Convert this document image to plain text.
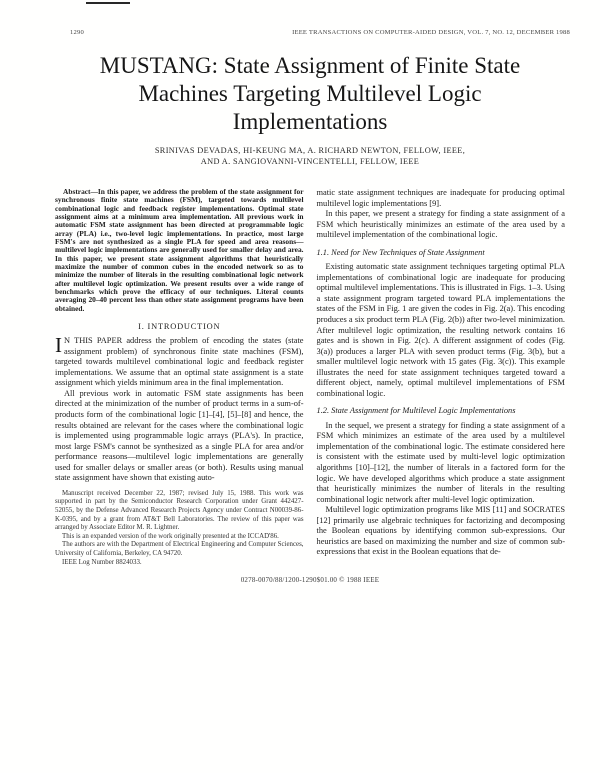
1290	IEEE TRANSACTIONS ON COMPUTER-AIDED DESIGN, VOL. 7, NO. 12, DECEMBER 1988
MUSTANG: State Assignment of Finite State
Machines Targeting Multilevel Logic
Implementations
SRINIVAS DEVADAS, HI-KEUNG MA, A. RICHARD NEWTON, FELLOW, IEEE,
AND A. SANGIOVANNI-VINCENTELLI, FELLOW, IEEE

Abstract—In this paper, we address the problem of the state assignment for synchronous finite state machines (FSM), targeted towards multilevel combinational logic and feedback register implementations. Optimal state assignment aims at a minimum area implementation. All previous work in automatic FSM state assignment has been directed at programmable logic array (PLA) i.e., two-level logic implementations. In practice, most large FSM's are not synthesized as a single PLA for speed and area reasons—multilevel logic implementations are generally used for smaller delay and area. In this paper, we present state assignment algorithms that heuristically maximize the number of common cubes in the encoded network so as to minimize the number of literals in the resulting combinational logic network after multilevel logic optimization. We present results over a wide range of benchmarks which prove the efficacy of our techniques. Literal counts averaging 20–40 percent less than other state assignment programs have been obtained.

I. INTRODUCTION

I N THIS PAPER address the problem of encoding the states (state assignment problem) of synchronous finite state machines (FSM), targeted towards multilevel combinational logic and feedback register implementations. We assume that an optimal state assignment is a state assignment which yields minimum area in the final implementation.

All previous work in automatic FSM state assignments has been directed at the minimization of the number of product terms in a sum-of-products form of the combinational logic [1]–[4], [5]–[8] and hence, the results obtained are relevant for the cases where the combinational logic is implemented using programmable logic arrays (PLA's). In practice, most large FSM's cannot be synthesized as a single PLA for area and/or performance reasons—multilevel logic implementations are generally used for smaller delays or smaller areas (or both). Results using manual state assignment have shown that existing auto-

Manuscript received December 22, 1987; revised July 15, 1988. This work was supported in part by the Semiconductor Research Corporation under Grant 442427-52055, by the Defense Advanced Research Projects Agency under Contract N00039-86-K-0395, and by a grant from AT&T Bell Laboratories. The review of this paper was arranged by Associate Editor M. R. Lightner.

This is an expanded version of the work originally presented at the ICCAD'86.

The authors are with the Department of Electrical Engineering and Computer Sciences, University of California, Berkeley, CA 94720.

IEEE Log Number 8824033.

matic state assignment techniques are inadequate for producing optimal multilevel logic implementations [9].

In this paper, we present a strategy for finding a state assignment of a FSM which heuristically minimizes an estimate of the area used by a multilevel implementation of the combinational logic.

1.1. Need for New Techniques of State Assignment

Existing automatic state assignment techniques targeting optimal PLA implementations of combinational logic are inadequate for producing optimal multilevel implementations. This is illustrated in Figs. 1–3. Using a state assignment program targeted toward PLA implementations the states of the FSM in Fig. 1 are given the codes in Fig. 2(a). This encoding produces a six product term PLA (Fig. 2(b)) after two-level minimization. After multilevel logic optimization, the resulting network contains 16 gates and is shown in Fig. 2(c). A different assignment of codes (Fig. 3(a)) produces a larger PLA with seven product terms (Fig. 3(b), but a smaller multilevel logic network with 15 gates (Fig. 3(c)). This example illustrates the need for state assignment techniques targeted toward a different object, namely, optimal multilevel implementations of FSM combinational logic.

1.2. State Assignment for Multilevel Logic Implementations

In the sequel, we present a strategy for finding a state assignment of a FSM which minimizes an estimate of the area used by a multilevel implementation of the combinational logic. The estimate considered here is consistent with the estimate used by multi-level logic optimization algorithms [10]–[12], the number of literals in a factored form for the logic. We have developed algorithms which produce a state assignment that heuristically minimizes the number of literals in the resulting combinational logic network after multi-level logic optimization.

Multilevel logic optimization programs like MIS [11] and SOCRATES [12] primarily use algebraic techniques for factorizing and decomposing the Boolean equations by identifying common sub-expressions. Our heuristics are based on maximizing the number and size of common sub-expressions that exist in the Boolean equations that de-

0278-0070/88/1200-1290$01.00 © 1988 IEEE
